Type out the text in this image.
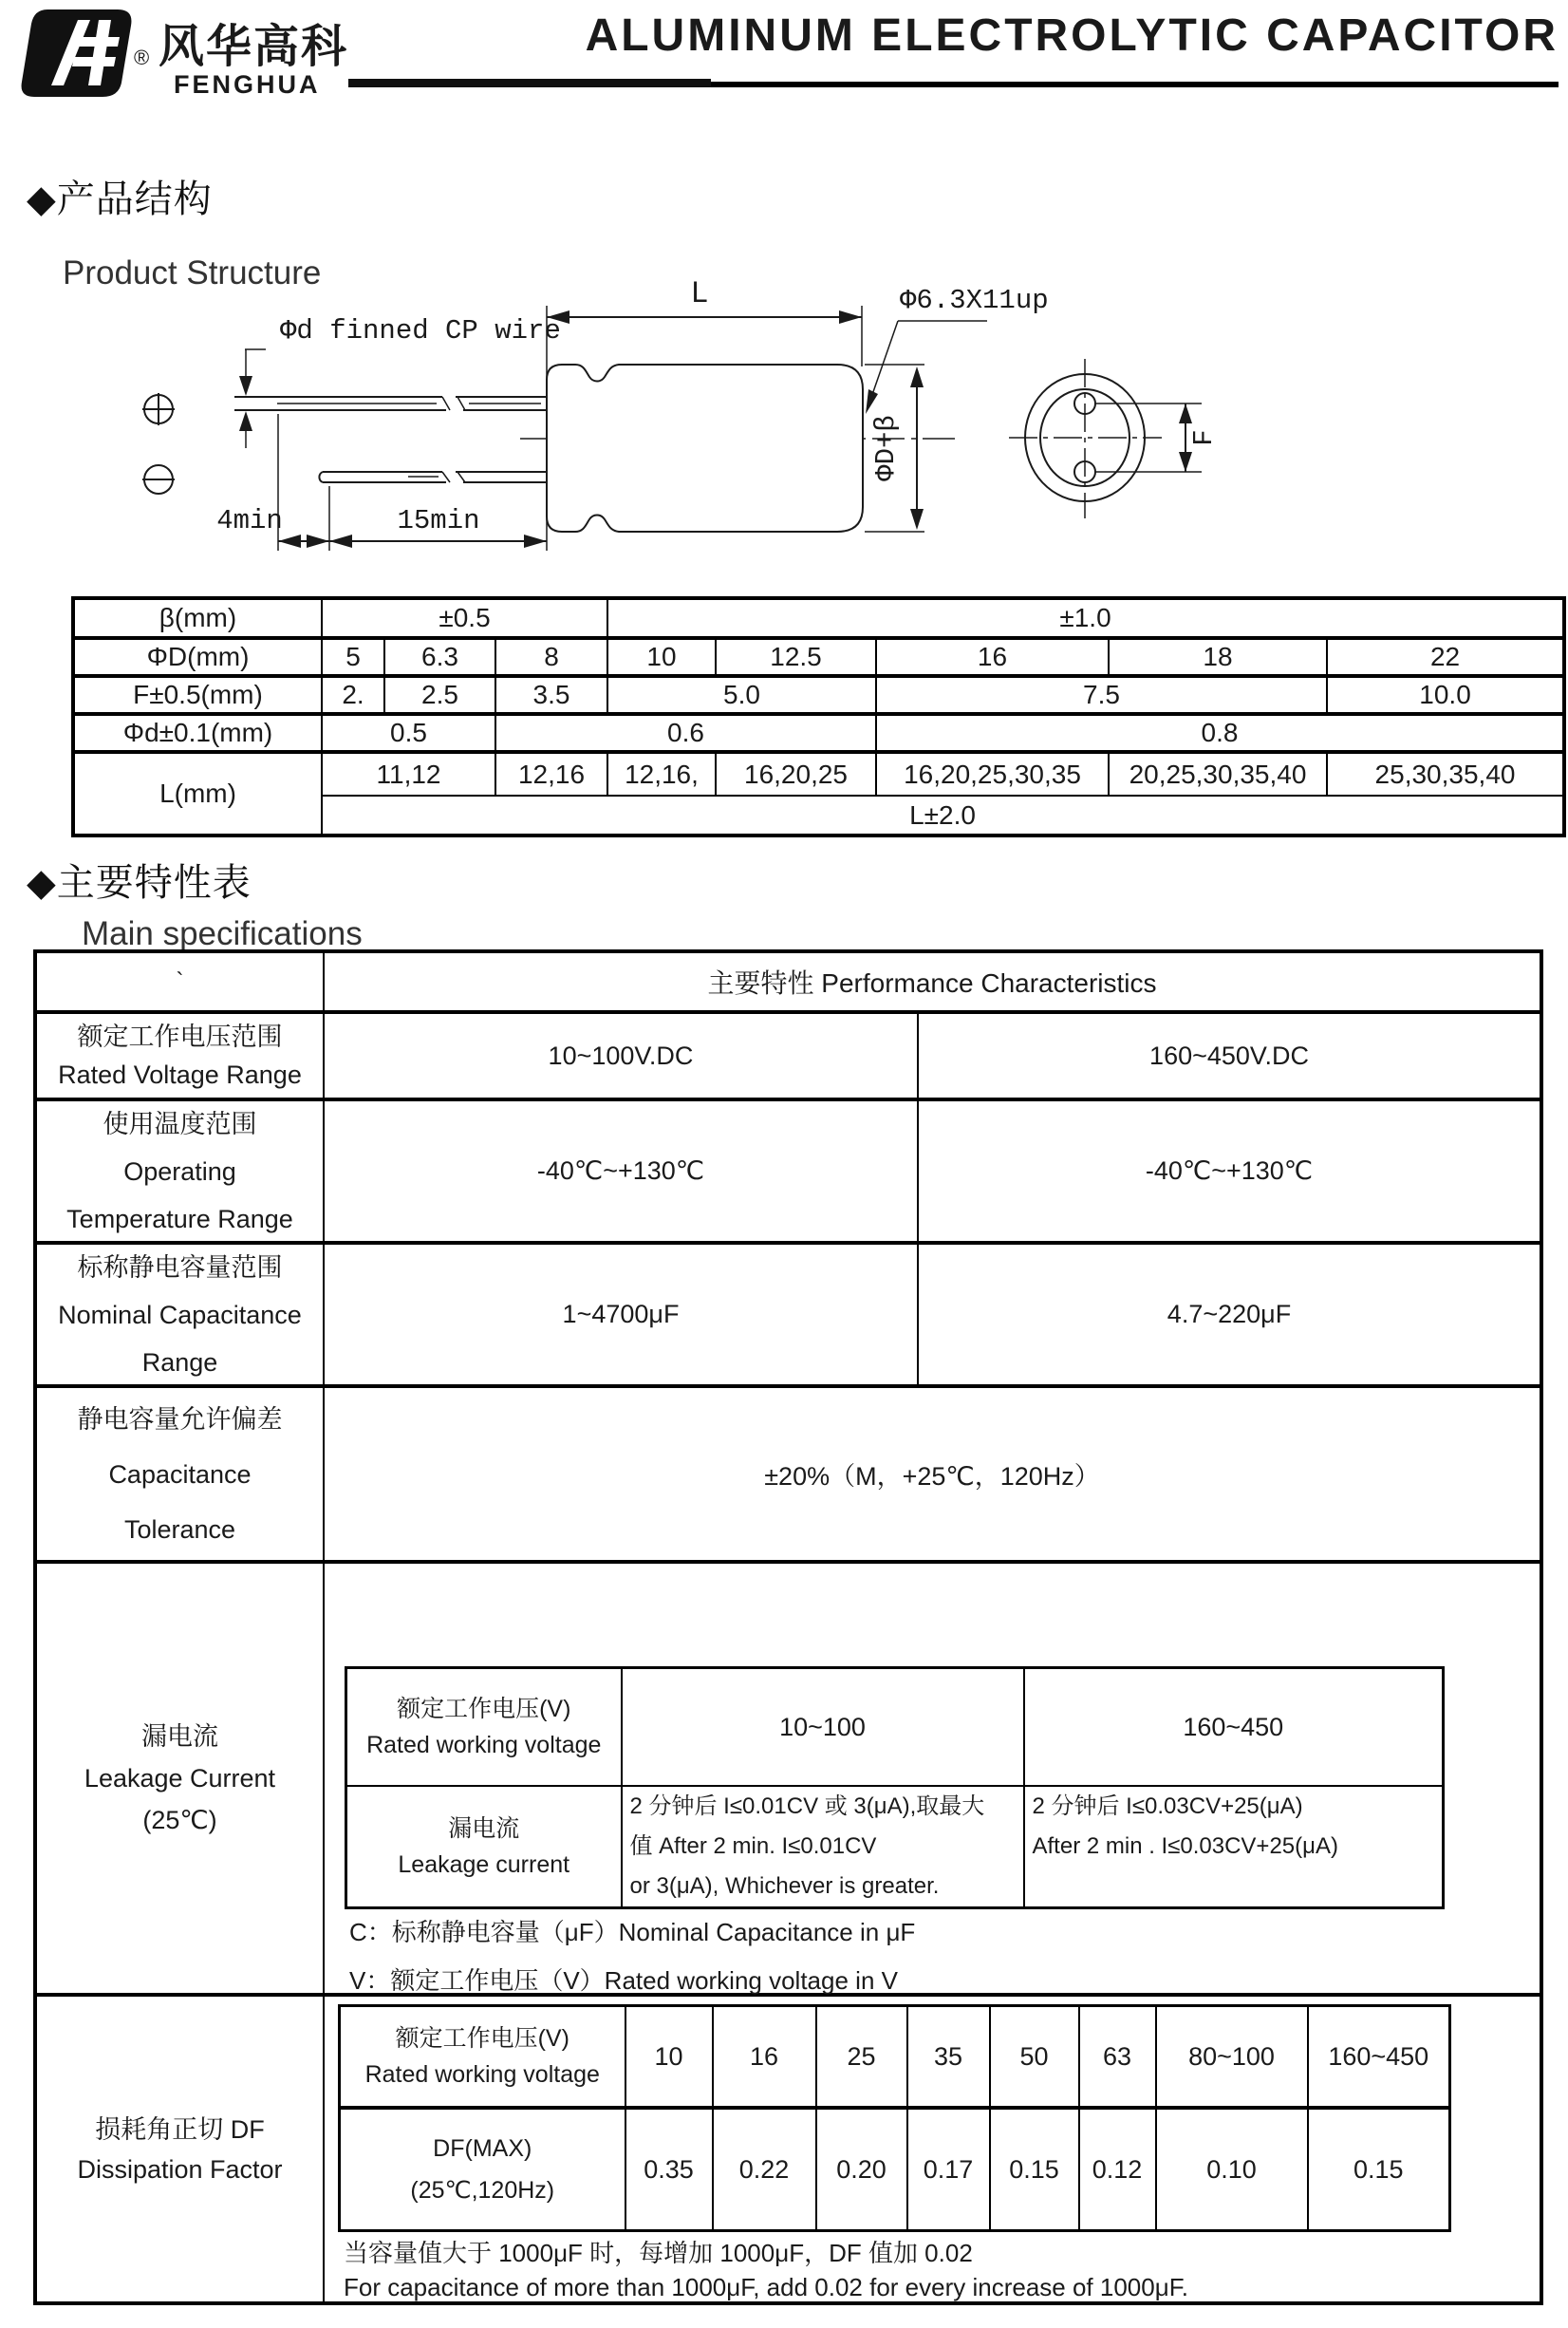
® 风华高科
FENGHUA
ALUMINUM ELECTROLYTIC CAPACITOR
◆产品结构
Product Structure
L	Φ6.3X11up
Φd finned CP wire
4min	15min
ΦD+β	F
β(mm)	±0.5			±1.0				
ΦD(mm)	5	6.3	8	10	12.5	16	18	22
F±0.5(mm)	2.	2.5	3.5	5.0		7.5		10.0
Φd±0.1(mm)	0.5		0.6			0.8		
L(mm)	11,12		12,16	12,16,	16,20,25	16,20,25,30,35	20,25,30,35,40	25,30,35,40
	L±2.0							
◆主要特性表
Main specifications
`	主要特性 Performance Characteristics

额定工作电压范围
Rated Voltage Range
	10~100V.DC	160~450V.DC

使用温度范围
Operating
Temperature Range
	-40℃~+130℃	-40℃~+130℃

标称静电容量范围
Nominal Capacitance
Range
	1~4700μF	4.7~220μF

静电容量允许偏差
Capacitance
Tolerance
	±20%（M，+25℃，120Hz）

漏电流
Leakage Current
(25℃)

额定工作电压(V)
Rated working voltage
	10~100	160~450

漏电流
Leakage current

2 分钟后 I≤0.01CV 或 3(μA),取最大
值 After 2 min. I≤0.01CV
or 3(μA), Whichever is greater.

2 分钟后 I≤0.03CV+25(μA)
After 2 min . I≤0.03CV+25(μA)
C：标称静电容量（μF）Nominal Capacitance in μF
V：额定工作电压（V）Rated working voltage in V

损耗角正切 DF
Dissipation Factor

额定工作电压(V)
Rated working voltage
	10	16	25	35	50	63	80~100	160~450

DF(MAX)
(25℃,120Hz)
	0.35	0.22	0.20	0.17	0.15	0.12	0.10	0.15
当容量值大于 1000μF 时，每增加 1000μF，DF 值加 0.02
For capacitance of more than 1000μF, add 0.02 for every increase of 1000μF.
